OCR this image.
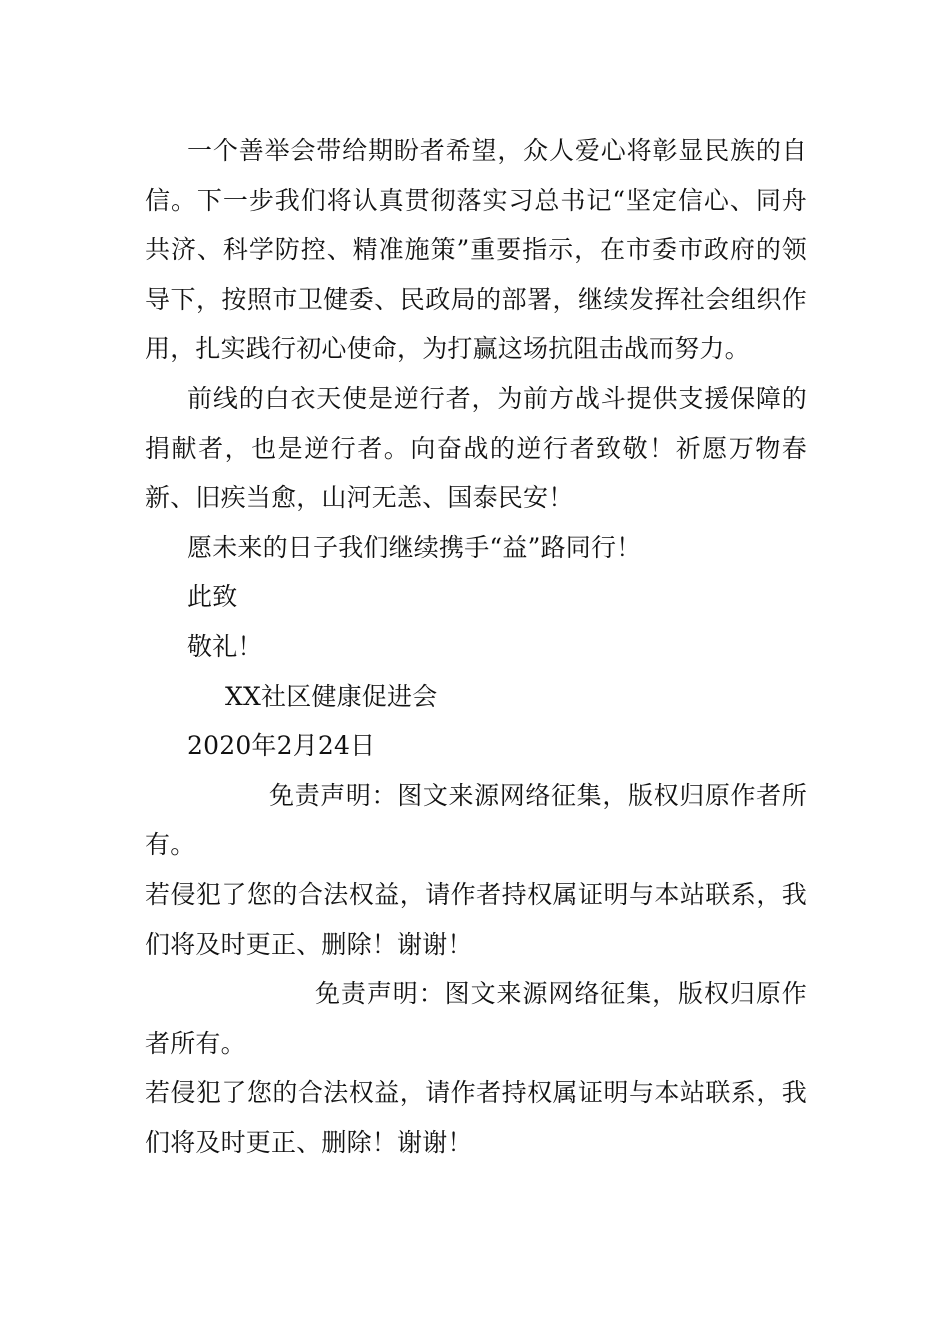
一个善举会带给期盼者希望，众人爱心将彰显民族的自信。下一步我们将认真贯彻落实习总书记“坚定信心、同舟共济、科学防控、精准施策”重要指示，在市委市政府的领导下，按照市卫健委、民政局的部署，继续发挥社会组织作用，扎实践行初心使命，为打赢这场抗阻击战而努力。

前线的白衣天使是逆行者，为前方战斗提供支援保障的捐献者，也是逆行者。向奋战的逆行者致敬！祈愿万物春新、旧疾当愈，山河无恙、国泰民安！

愿未来的日子我们继续携手“益”路同行！

此致

敬礼！

XX社区健康促进会

2020年2月24日

免责声明：图文来源网络征集，版权归原作者所有。

若侵犯了您的合法权益，请作者持权属证明与本站联系，我们将及时更正、删除！谢谢！

免责声明：图文来源网络征集，版权归原作者所有。

若侵犯了您的合法权益，请作者持权属证明与本站联系，我们将及时更正、删除！谢谢！
